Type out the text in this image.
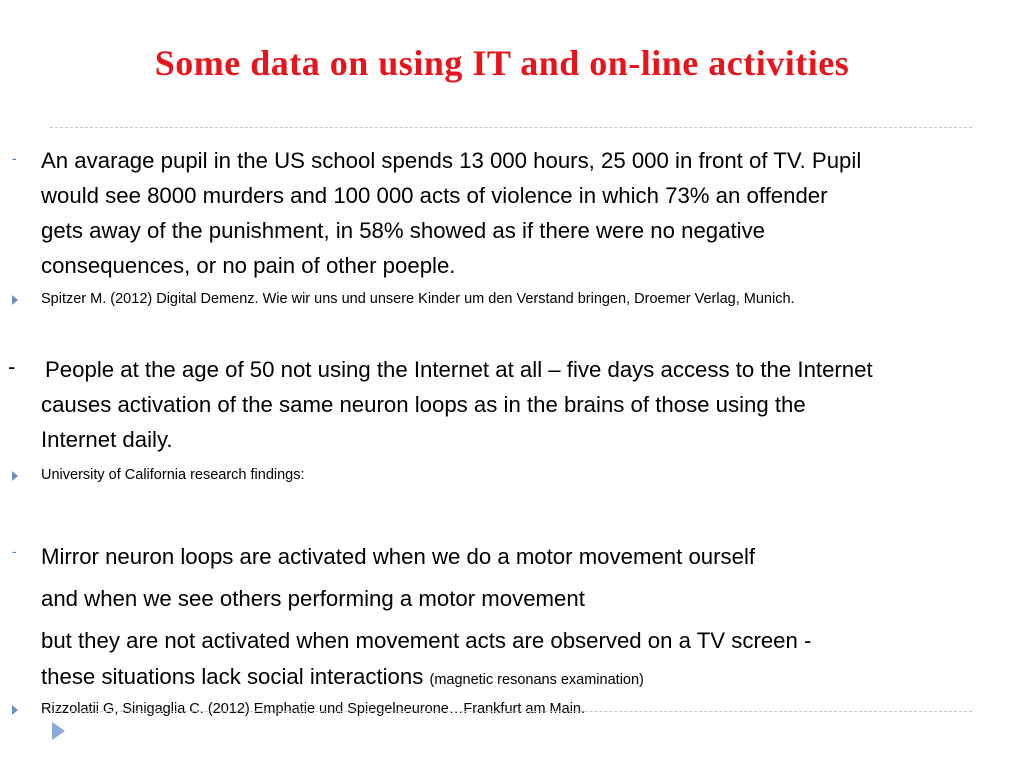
Some data on using IT and on-line activities
- An avarage pupil in the US school spends 13 000 hours, 25 000 in front of TV. Pupil
would see 8000 murders and 100 000 acts of violence in which 73% an offender
gets away of the punishment, in 58% showed as if there were no negative
consequences, or no pain of other poeple.
Spitzer M. (2012) Digital Demenz. Wie wir uns und unsere Kinder um den Verstand bringen, Droemer Verlag, Munich.
- People at the age of 50 not using the Internet at all – five days access to the Internet
causes activation of the same neuron loops as in the brains of those using the
Internet daily.
University of California research findings:
- Mirror neuron loops are activated when we do a motor movement ourself
and when we see others performing a motor movement
but they are not activated when movement acts are observed on a TV screen -
these situations lack social interactions (magnetic resonans examination)
Rizzolatii G, Sinigaglia C. (2012) Emphatie und Spiegelneurone…Frankfurt am Main.
